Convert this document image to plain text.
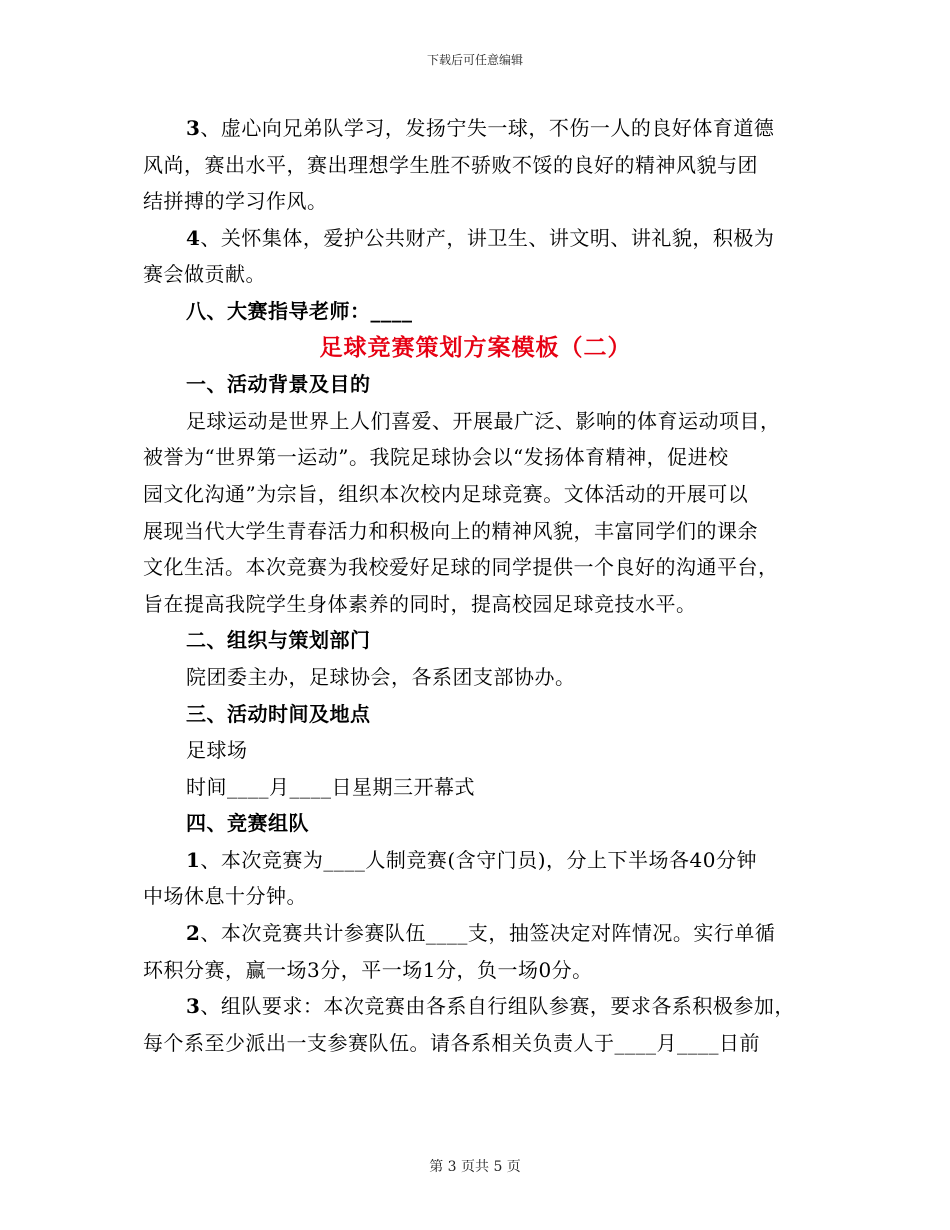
下载后可任意编辑
3、虚心向兄弟队学习，发扬宁失一球，不伤一人的良好体育道德
风尚，赛出水平，赛出理想学生胜不骄败不馁的良好的精神风貌与团
结拼搏的学习作风。
4、关怀集体，爱护公共财产，讲卫生、讲文明、讲礼貌，积极为
赛会做贡献。
八、大赛指导老师：____
足球竞赛策划方案模板（二）
一、活动背景及目的
足球运动是世界上人们喜爱、开展最广泛、影响的体育运动项目，
被誉为“世界第一运动”。我院足球协会以“发扬体育精神，促进校
园文化沟通”为宗旨，组织本次校内足球竞赛。文体活动的开展可以
展现当代大学生青春活力和积极向上的精神风貌，丰富同学们的课余
文化生活。本次竞赛为我校爱好足球的同学提供一个良好的沟通平台，
旨在提高我院学生身体素养的同时，提高校园足球竞技水平。
二、组织与策划部门
院团委主办，足球协会，各系团支部协办。
三、活动时间及地点
足球场
时间____月____日星期三开幕式
四、竞赛组队
1、本次竞赛为____人制竞赛(含守门员)，分上下半场各40分钟
中场休息十分钟。
2、本次竞赛共计参赛队伍____支，抽签决定对阵情况。实行单循
环积分赛，赢一场3分，平一场1分，负一场0分。
3、组队要求：本次竞赛由各系自行组队参赛，要求各系积极参加，
每个系至少派出一支参赛队伍。请各系相关负责人于____月____日前
第 3 页共 5 页
